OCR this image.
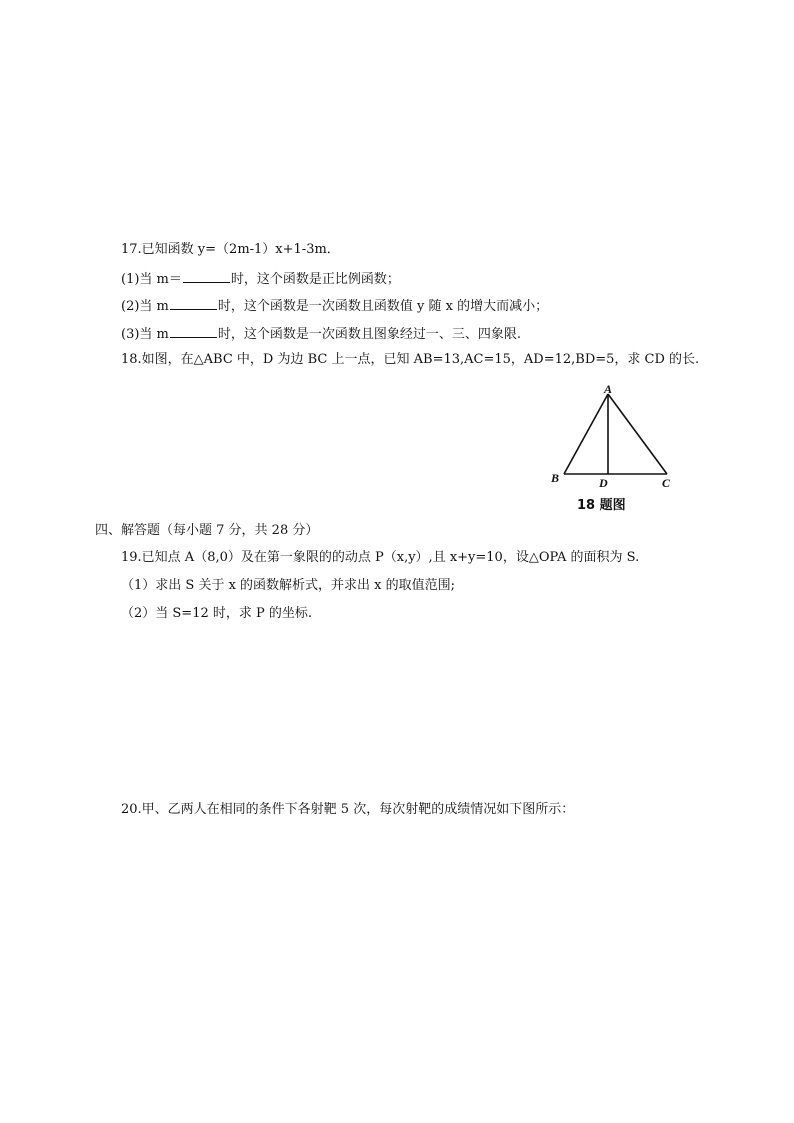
17.已知函数 y=（2m-1）x+1-3m．
(1)当 m＝	时，这个函数是正比例函数；
(2)当 m	时，这个函数是一次函数且函数值 y 随 x 的增大而减小；
(3)当 m	时，这个函数是一次函数且图象经过一、三、四象限.
18.如图，在△ABC 中，D 为边 BC 上一点，已知 AB=13,AC=15，AD=12,BD=5，求 CD 的长.
A
B	C
D
18 题图
四、解答题（每小题 7 分，共 28 分）
19.已知点 A（8,0）及在第一象限的的动点 P（x,y）,且 x+y=10，设△OPA 的面积为 S.
（1）求出 S 关于 x 的函数解析式，并求出 x 的取值范围;
（2）当 S=12 时，求 P 的坐标.
20.甲、乙两人在相同的条件下各射靶 5 次，每次射靶的成绩情况如下图所示：
